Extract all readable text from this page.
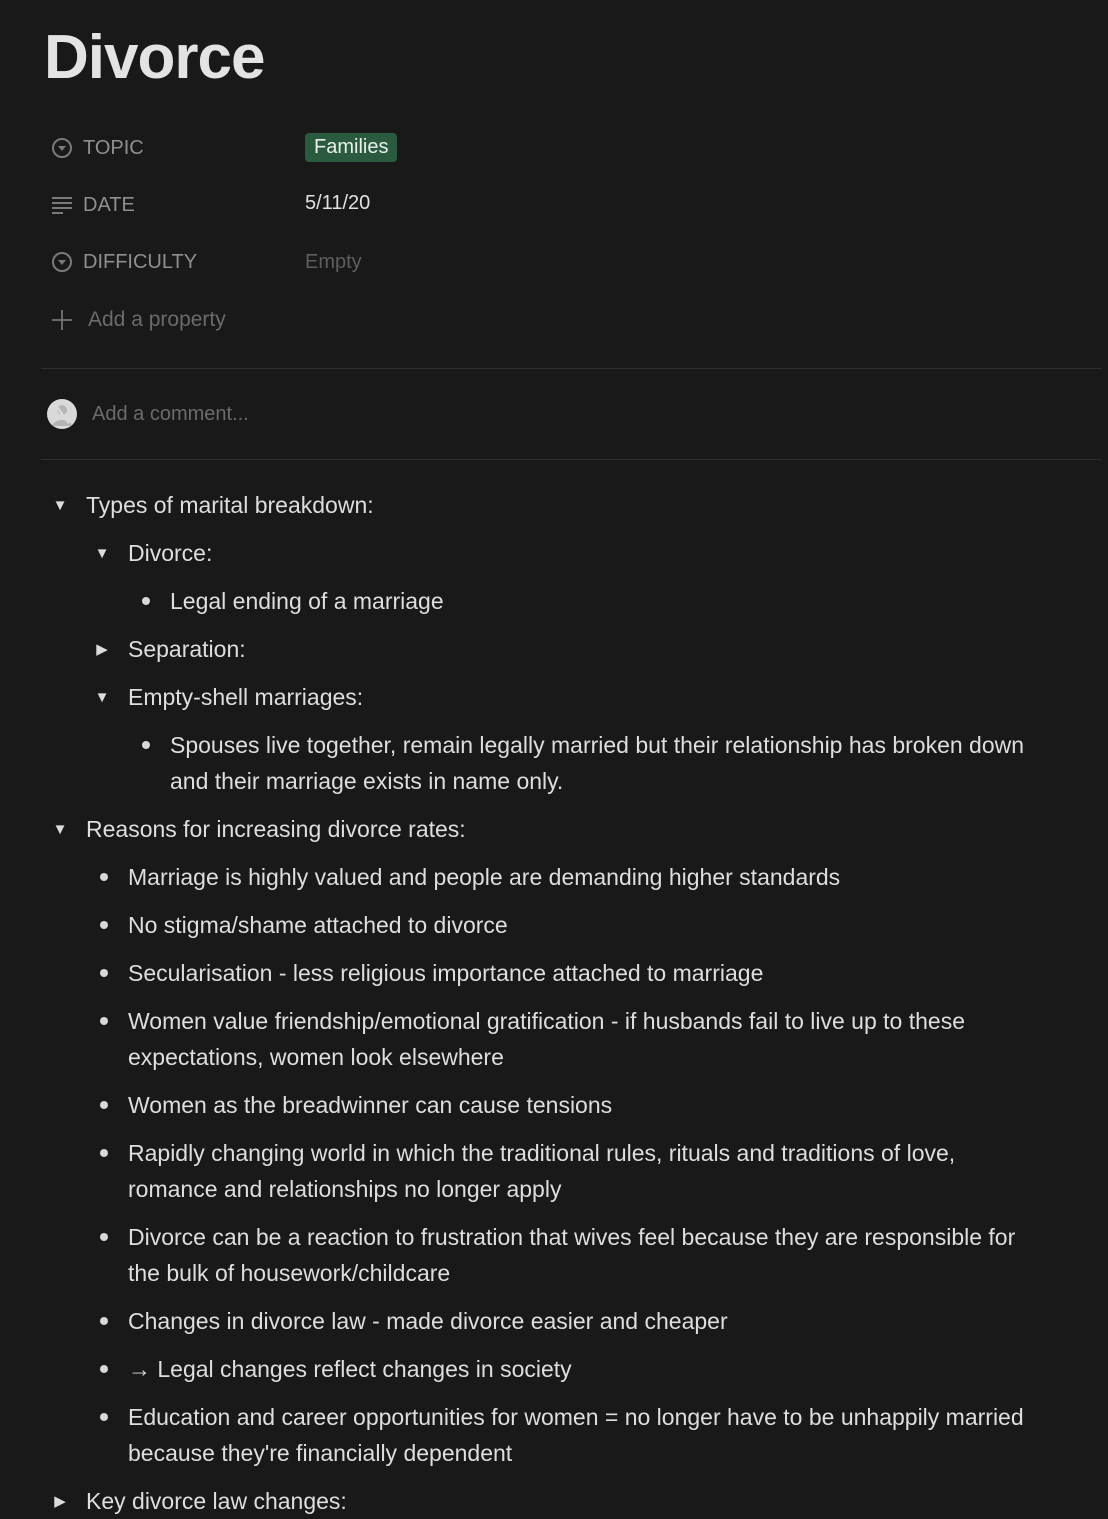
Divorce
TOPIC	Families
DATE	5/11/20
DIFFICULTY	Empty
Add a property
Add a comment...
▼ Types of marital breakdown:
▼ Divorce:
Legal ending of a marriage
▶ Separation:
▼ Empty-shell marriages:
Spouses live together, remain legally married but their relationship has broken down
and their marriage exists in name only.
▼ Reasons for increasing divorce rates:
Marriage is highly valued and people are demanding higher standards
No stigma/shame attached to divorce
Secularisation - less religious importance attached to marriage
Women value friendship/emotional gratification - if husbands fail to live up to these
expectations, women look elsewhere
Women as the breadwinner can cause tensions
Rapidly changing world in which the traditional rules, rituals and traditions of love,
romance and relationships no longer apply
Divorce can be a reaction to frustration that wives feel because they are responsible for
the bulk of housework/childcare
Changes in divorce law - made divorce easier and cheaper
→ Legal changes reflect changes in society
Education and career opportunities for women = no longer have to be unhappily married
because they're financially dependent
▶ Key divorce law changes:
